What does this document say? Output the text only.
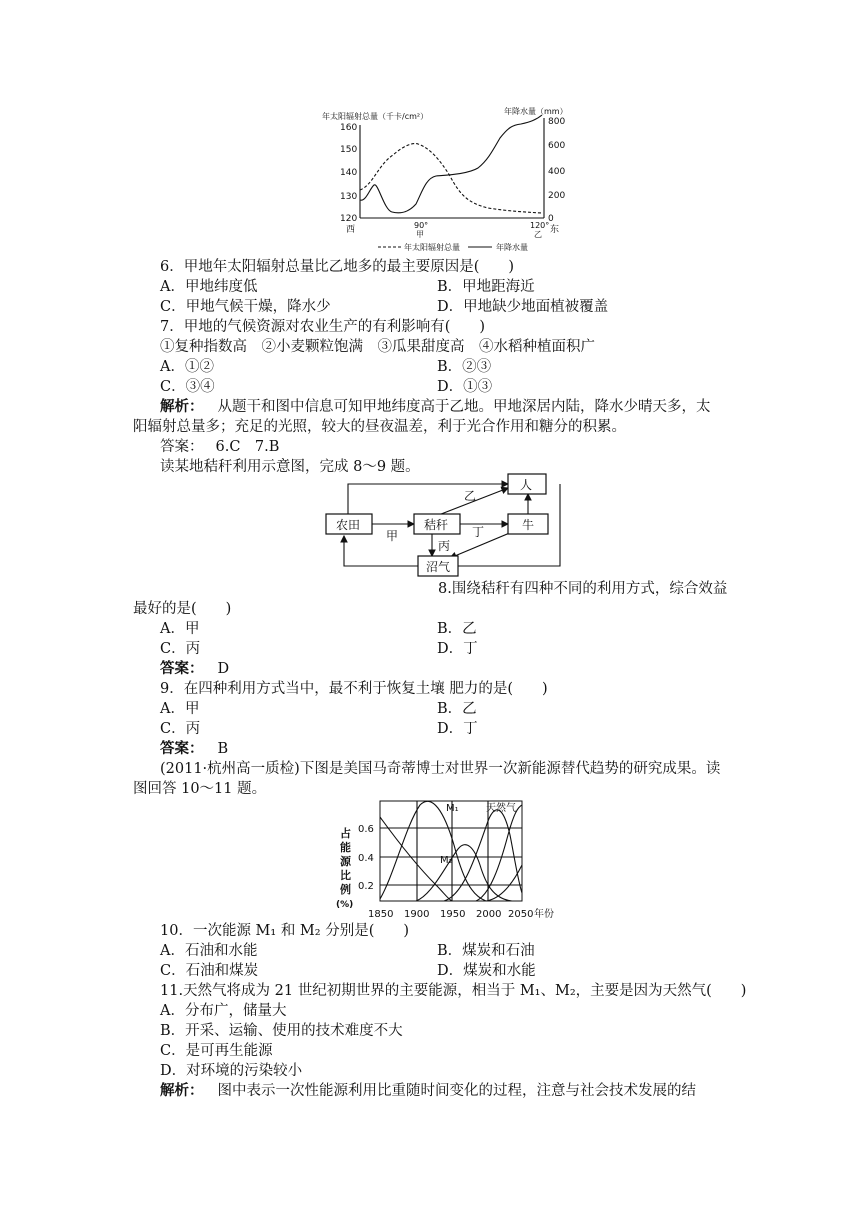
年太阳辐射总量（千卡/cm²）
年降水量（mm）
160
150
140
130
120
800
600
400
200
0
西	90°
甲
120°
乙 东
年太阳辐射总量	年降水量
6．甲地年太阳辐射总量比乙地多的最主要原因是(　　)
A．甲地纬度低	B．甲地距海近
C．甲地气候干燥，降水少	D．甲地缺少地面植被覆盖
7．甲地的气候资源对农业生产的有利影响有(　　)
①复种指数高　②小麦颗粒饱满　③瓜果甜度高　④水稻种植面积广
A．①②	B．②③
C．③④	D．①③
解析： 从题干和图中信息可知甲地纬度高于乙地。甲地深居内陆，降水少晴天多，太
阳辐射总量多；充足的光照，较大的昼夜温差，利于光合作用和糖分的积累。
答案： 6.C　7.B
读某地秸秆利用示意图，完成 8～9 题。
人
农田	秸秆	牛
沼气
甲
乙
丙
丁
8.围绕秸秆有四种不同的利用方式，综合效益
最好的是(　　)
A．甲	B．乙
C．丙	D．丁
答案： D
9．在四种利用方式当中，最不利于恢复土壤 肥力的是(　　)
A．甲	B．乙
C．丙	D．丁
答案： B
(2011·杭州高一质检)下图是美国马奇蒂博士对世界一次新能源替代趋势的研究成果。读
图回答 10～11 题。
占
能
源
比
例
(%)
0.6
0.4
0.2
M₁
M₂
天然气
1850 1900 1950 2000 2050 年份
10．一次能源 M₁ 和 M₂ 分别是(　　)
A．石油和水能	B．煤炭和石油
C．石油和煤炭	D．煤炭和水能
11.天然气将成为 21 世纪初期世界的主要能源，相当于 M₁、M₂，主要是因为天然气(　　)
A．分布广，储量大
B．开采、运输、使用的技术难度不大
C．是可再生能源
D．对环境的污染较小
解析： 图中表示一次性能源利用比重随时间变化的过程，注意与社会技术发展的结
